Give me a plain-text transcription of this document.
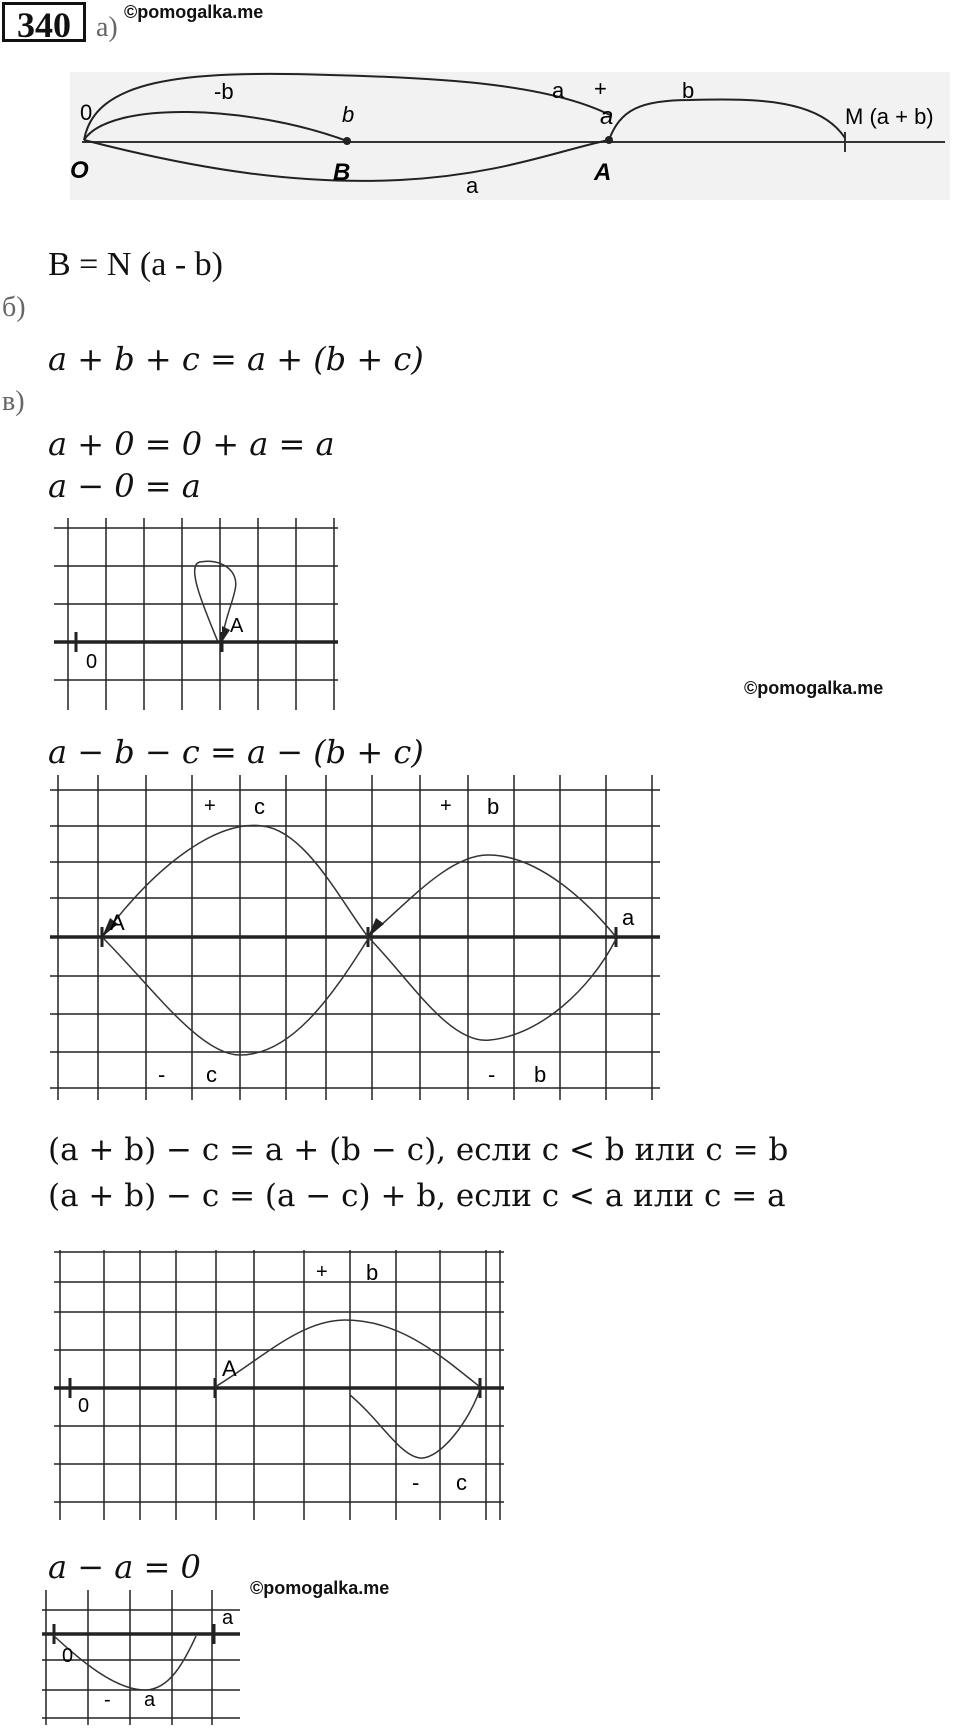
340 а) ©pomogalka.me
0
-b
b
a +
a
b
M (a + b)
O	B	A
a
B = N (a - b)
б)
a + b + c = a + (b + c)
в)
a + 0 = 0 + a = a
a − 0 = a
0
A
©pomogalka.me
a − b − c = a − (b + c)
+ c	+ b
A	a
- c	- b
(a + b) − c = a + (b − c), если c < b или c = b
(a + b) − c = (a − c) + b, если c < a или c = a
+ b
A
0
- c
a − a = 0
©pomogalka.me
a
0
- a
